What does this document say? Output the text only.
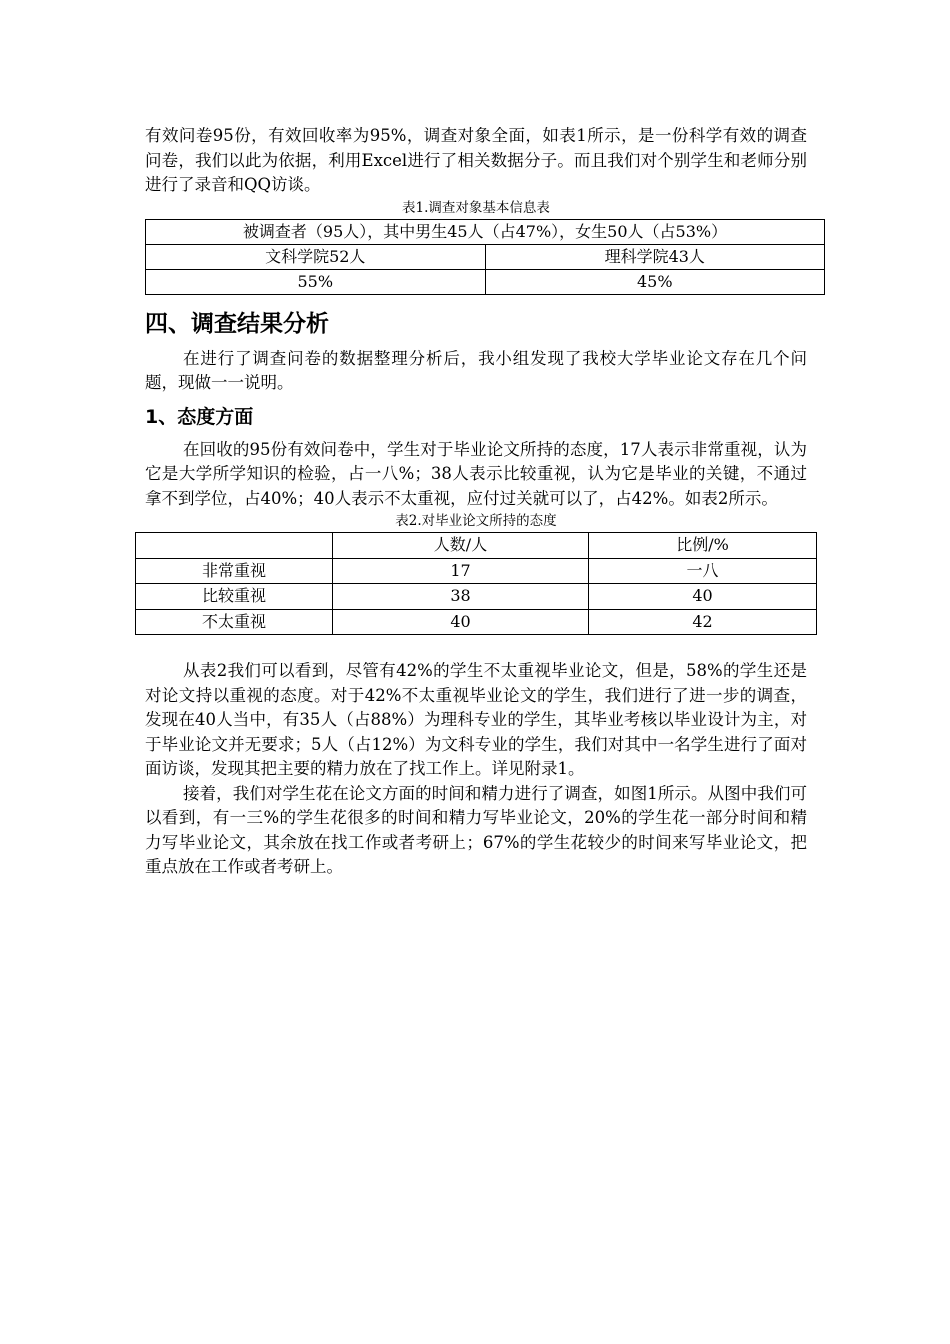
有效问卷95份，有效回收率为95%，调查对象全面，如表1所示，是一份科学有效的调查问卷，我们以此为依据，利用Excel进行了相关数据分子。而且我们对个别学生和老师分别进行了录音和QQ访谈。

表1.调查对象基本信息表
被调查者（95人），其中男生45人（占47%），女生50人（占53%）	
文科学院52人	理科学院43人
55%	45%
四、调查结果分析

在进行了调查问卷的数据整理分析后，我小组发现了我校大学毕业论文存在几个问题，现做一一说明。

1、态度方面

在回收的95份有效问卷中，学生对于毕业论文所持的态度，17人表示非常重视，认为它是大学所学知识的检验，占一八%；38人表示比较重视，认为它是毕业的关键，不通过拿不到学位，占40%；40人表示不太重视，应付过关就可以了，占42%。如表2所示。

表2.对毕业论文所持的态度
	人数/人	比例/%
非常重视	17	一八
比较重视	38	40
不太重视	40	42

从表2我们可以看到，尽管有42%的学生不太重视毕业论文，但是，58%的学生还是对论文持以重视的态度。对于42%不太重视毕业论文的学生，我们进行了进一步的调查，发现在40人当中，有35人（占88%）为理科专业的学生，其毕业考核以毕业设计为主，对于毕业论文并无要求；5人（占12%）为文科专业的学生，我们对其中一名学生进行了面对面访谈，发现其把主要的精力放在了找工作上。详见附录1。

接着，我们对学生花在论文方面的时间和精力进行了调查，如图1所示。从图中我们可以看到，有一三%的学生花很多的时间和精力写毕业论文，20%的学生花一部分时间和精力写毕业论文，其余放在找工作或者考研上；67%的学生花较少的时间来写毕业论文，把重点放在工作或者考研上。
